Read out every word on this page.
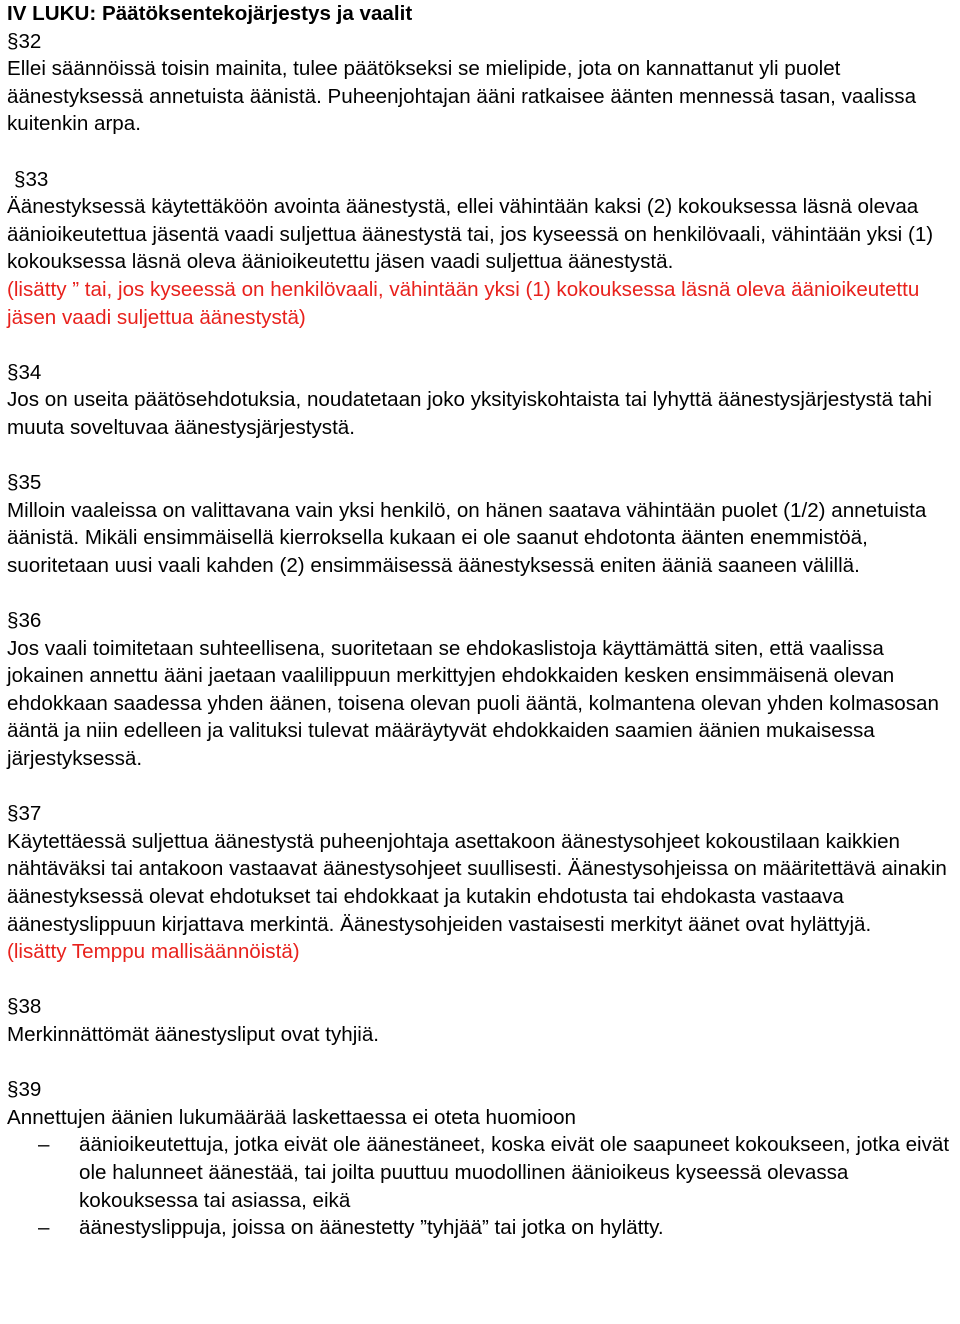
IV LUKU: Päätöksentekojärjestys ja vaalit

§32

Ellei säännöissä toisin mainita, tulee päätökseksi se mielipide, jota on kannattanut yli puolet äänestyksessä annetuista äänistä. Puheenjohtajan ääni ratkaisee äänten mennessä tasan, vaalissa kuitenkin arpa.

§33

Äänestyksessä käytettäköön avointa äänestystä, ellei vähintään kaksi (2) kokouksessa läsnä olevaa äänioikeutettua jäsentä vaadi suljettua äänestystä tai, jos kyseessä on henkilövaali, vähintään yksi (1) kokouksessa läsnä oleva äänioikeutettu jäsen vaadi suljettua äänestystä.

(lisätty ” tai, jos kyseessä on henkilövaali, vähintään yksi (1) kokouksessa läsnä oleva äänioikeutettu jäsen vaadi suljettua äänestystä)

§34

Jos on useita päätösehdotuksia, noudatetaan joko yksityiskohtaista tai lyhyttä äänestysjärjestystä tahi muuta soveltuvaa äänestysjärjestystä.

§35

Milloin vaaleissa on valittavana vain yksi henkilö, on hänen saatava vähintään puolet (1/2) annetuista äänistä. Mikäli ensimmäisellä kierroksella kukaan ei ole saanut ehdotonta äänten enemmistöä, suoritetaan uusi vaali kahden (2) ensimmäisessä äänestyksessä eniten ääniä saaneen välillä.

§36

Jos vaali toimitetaan suhteellisena, suoritetaan se ehdokaslistoja käyttämättä siten, että vaalissa jokainen annettu ääni jaetaan vaalilippuun merkittyjen ehdokkaiden kesken ensimmäisenä olevan ehdokkaan saadessa yhden äänen, toisena olevan puoli ääntä, kolmantena olevan yhden kolmasosan ääntä ja niin edelleen ja valituksi tulevat määräytyvät ehdokkaiden saamien äänien mukaisessa järjestyksessä.

§37

Käytettäessä suljettua äänestystä puheenjohtaja asettakoon äänestysohjeet kokoustilaan kaikkien nähtäväksi tai antakoon vastaavat äänestysohjeet suullisesti. Äänestysohjeissa on määritettävä ainakin äänestyksessä olevat ehdotukset tai ehdokkaat ja kutakin ehdotusta tai ehdokasta vastaava äänestyslippuun kirjattava merkintä. Äänestysohjeiden vastaisesti merkityt äänet ovat hylättyjä.

(lisätty Temppu mallisäännöistä)

§38

Merkinnättömät äänestysliput ovat tyhjiä.

§39

Annettujen äänien lukumäärää laskettaessa ei oteta huomioon

– äänioikeutettuja, jotka eivät ole äänestäneet, koska eivät ole saapuneet kokoukseen, jotka eivät ole halunneet äänestää, tai joilta puuttuu muodollinen äänioikeus kyseessä olevassa kokouksessa tai asiassa, eikä
– äänestyslippuja, joissa on äänestetty ”tyhjää” tai jotka on hylätty.
